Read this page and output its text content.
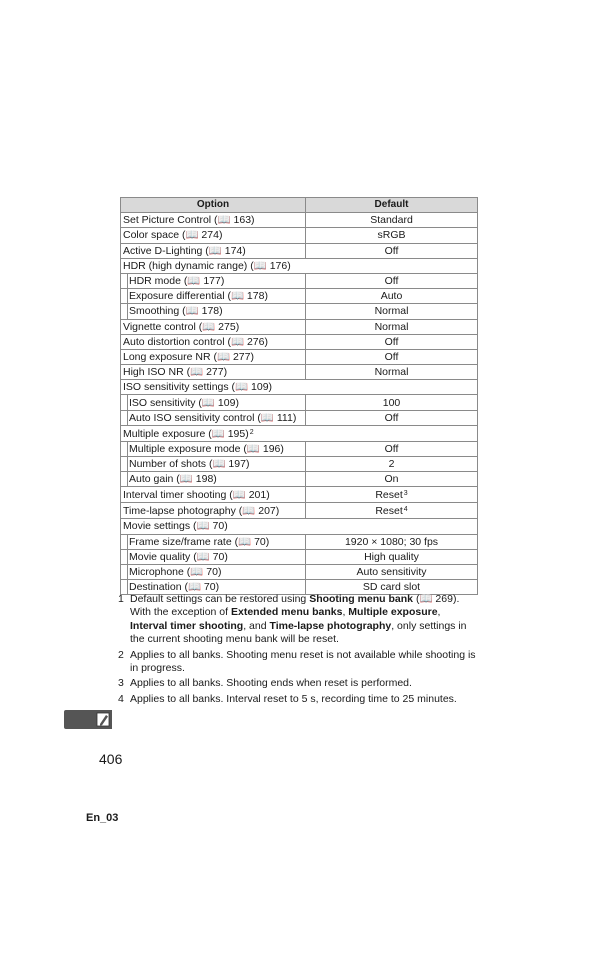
Option	Default
Set Picture Control (📖 163)	Standard
Color space (📖 274)	sRGB
Active D-Lighting (📖 174)	Off
HDR (high dynamic range) (📖 176)	
HDR mode (📖 177)	Off
Exposure differential (📖 178)	Auto
Smoothing (📖 178)	Normal
Vignette control (📖 275)	Normal
Auto distortion control (📖 276)	Off
Long exposure NR (📖 277)	Off
High ISO NR (📖 277)	Normal
ISO sensitivity settings (📖 109)	
ISO sensitivity (📖 109)	100
Auto ISO sensitivity control (📖 111)	Off
Multiple exposure (📖 195)$^2$
Multiple exposure mode (📖 196)	Off
Number of shots (📖 197)	2
Auto gain (📖 198)	On
Interval timer shooting (📖 201)	Reset$^3$
Time-lapse photography (📖 207)	Reset$^4$
Movie settings (📖 70)	
Frame size/frame rate (📖 70)	1920 × 1080; 30 fps
Movie quality (📖 70)	High quality
Microphone (📖 70)	Auto sensitivity
Destination (📖 70)	SD card slot
1 Default settings can be restored using Shooting menu bank (📖 269). With the exception of Extended menu banks, Multiple exposure, Interval timer shooting, and Time-lapse photography, only settings in the current shooting menu bank will be reset.
2 Applies to all banks. Shooting menu reset is not available while shooting is in progress.
3 Applies to all banks. Shooting ends when reset is performed.
4 Applies to all banks. Interval reset to 5 s, recording time to 25 minutes.
406
En_03
